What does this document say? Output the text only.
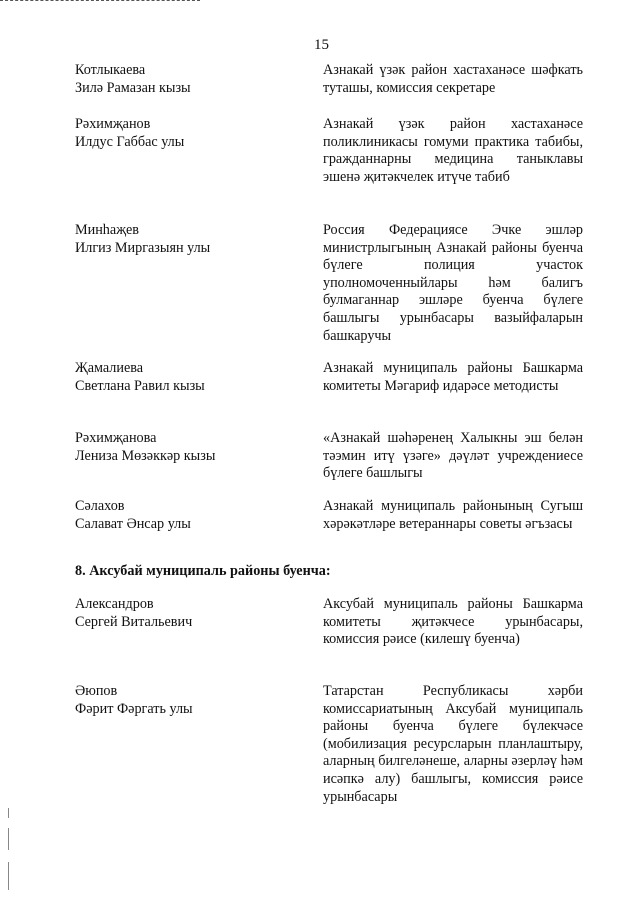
15
Котлыкаева
Зилә Рамазан кызы
Азнакай үзәк район хастаханәсе шәфкать туташы, комиссия секретаре
Рәхимҗанов
Илдус Габбас улы
Азнакай үзәк район хастаханәсе поликлиникасы гомуми практика табибы, гражданнарны медицина таныклавы эшенә җитәкчелек итүче табиб
Минһаҗев
Илгиз Миргазыян улы
Россия Федерациясе Эчке эшләр министрлыгының Азнакай районы буенча бүлеге полиция участок уполномоченныйлары һәм балигъ булмаганнар эшләре буенча бүлеге башлыгы урынбасары вазыйфаларын башкаручы
Җамалиева
Светлана Равил кызы
Азнакай муниципаль районы Башкарма комитеты Мәгариф идарәсе методисты
Рәхимҗанова
Лениза Мөзәккәр кызы
«Азнакай шәһәренең Халыкны эш белән тәэмин итү үзәге» дәүләт учреждениесе бүлеге башлыгы
Сәлахов
Салават Әнсар улы
Азнакай муниципаль районының Сугыш хәрәкәтләре ветераннары советы әгъзасы
8. Аксубай муниципаль районы буенча:
Александров
Сергей Витальевич
Аксубай муниципаль районы Башкарма комитеты җитәкчесе урынбасары, комиссия рәисе (килешү буенча)
Әюпов
Фәрит Фәргать улы
Татарстан Республикасы хәрби комиссариатының Аксубай муниципаль районы буенча бүлеге бүлекчәсе (мобилизация ресурсларын планлаштыру, аларның билгеләнеше, аларны әзерләү һәм исәпкә алу) башлыгы, комиссия рәисе урынбасары
